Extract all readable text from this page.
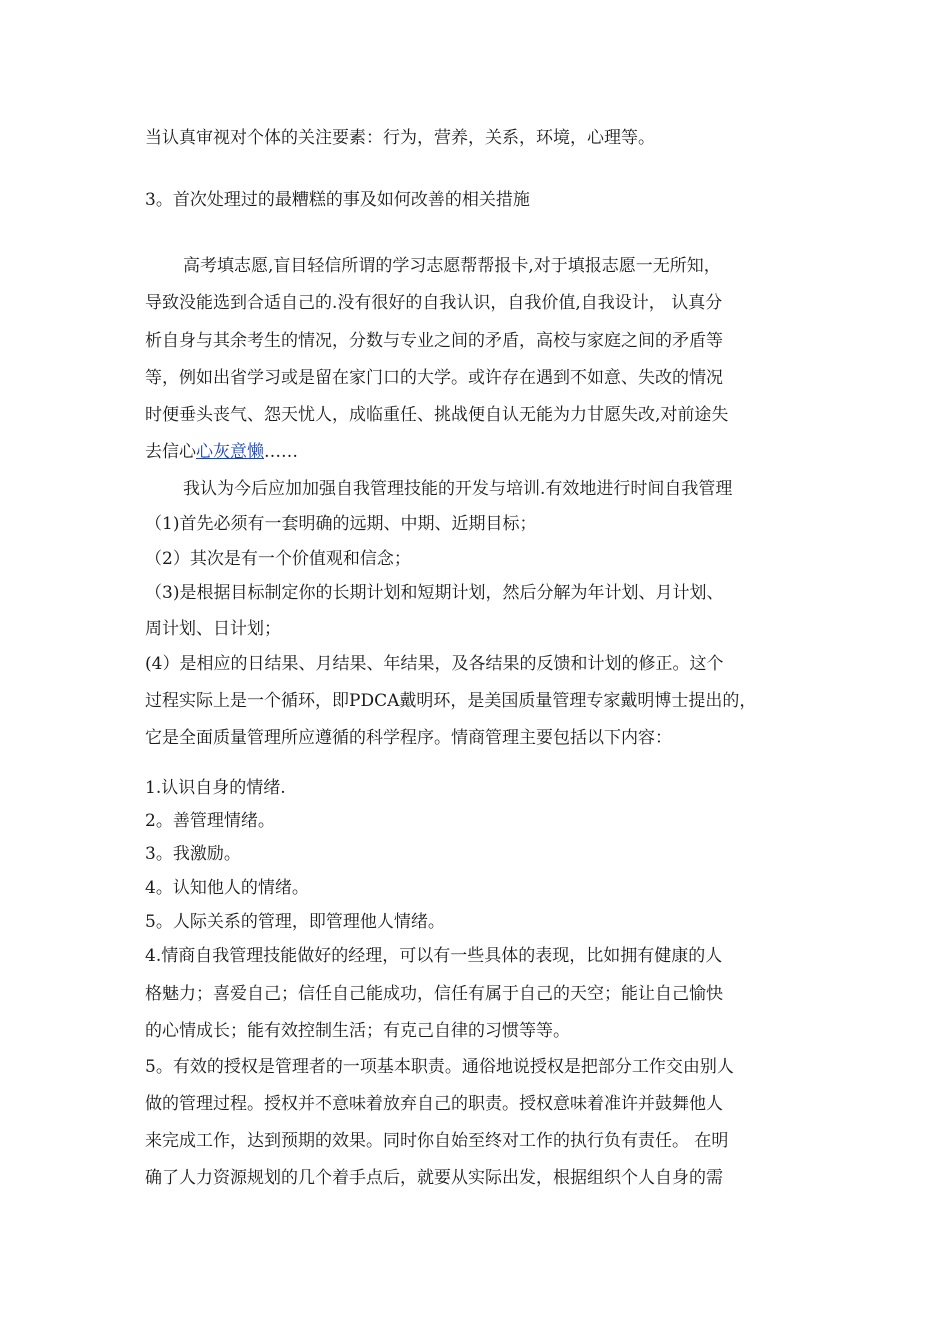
当认真审视对个体的关注要素：行为，营养，关系，环境，心理等。
3。首次处理过的最糟糕的事及如何改善的相关措施
高考填志愿,盲目轻信所谓的学习志愿帮帮报卡,对于填报志愿一无所知，
导致没能选到合适自己的.没有很好的自我认识，自我价值,自我设计， 认真分
析自身与其余考生的情况，分数与专业之间的矛盾，高校与家庭之间的矛盾等
等，例如出省学习或是留在家门口的大学。或许存在遇到不如意、失改的情况
时便垂头丧气、怨天忧人，成临重任、挑战便自认无能为力甘愿失改,对前途失
去信心心灰意懒……
我认为今后应加加强自我管理技能的开发与培训.有效地进行时间自我管理
（1)首先必须有一套明确的远期、中期、近期目标；
（2）其次是有一个价值观和信念；
（3)是根据目标制定你的长期计划和短期计划，然后分解为年计划、月计划、
周计划、日计划；
(4）是相应的日结果、月结果、年结果，及各结果的反馈和计划的修正。这个
过程实际上是一个循环，即PDCA戴明环，是美国质量管理专家戴明博士提出的，
它是全面质量管理所应遵循的科学程序。情商管理主要包括以下内容：
1.认识自身的情绪.
2。善管理情绪。
3。我激励。
4。认知他人的情绪。
5。人际关系的管理，即管理他人情绪。
4.情商自我管理技能做好的经理，可以有一些具体的表现，比如拥有健康的人
格魅力；喜爱自己；信任自己能成功，信任有属于自己的天空；能让自己愉快
的心情成长；能有效控制生活；有克己自律的习惯等等。
5。有效的授权是管理者的一项基本职责。通俗地说授权是把部分工作交由别人
做的管理过程。授权并不意味着放弃自己的职责。授权意味着准许并鼓舞他人
来完成工作，达到预期的效果。同时你自始至终对工作的执行负有责任。 在明
确了人力资源规划的几个着手点后，就要从实际出发，根据组织个人自身的需
